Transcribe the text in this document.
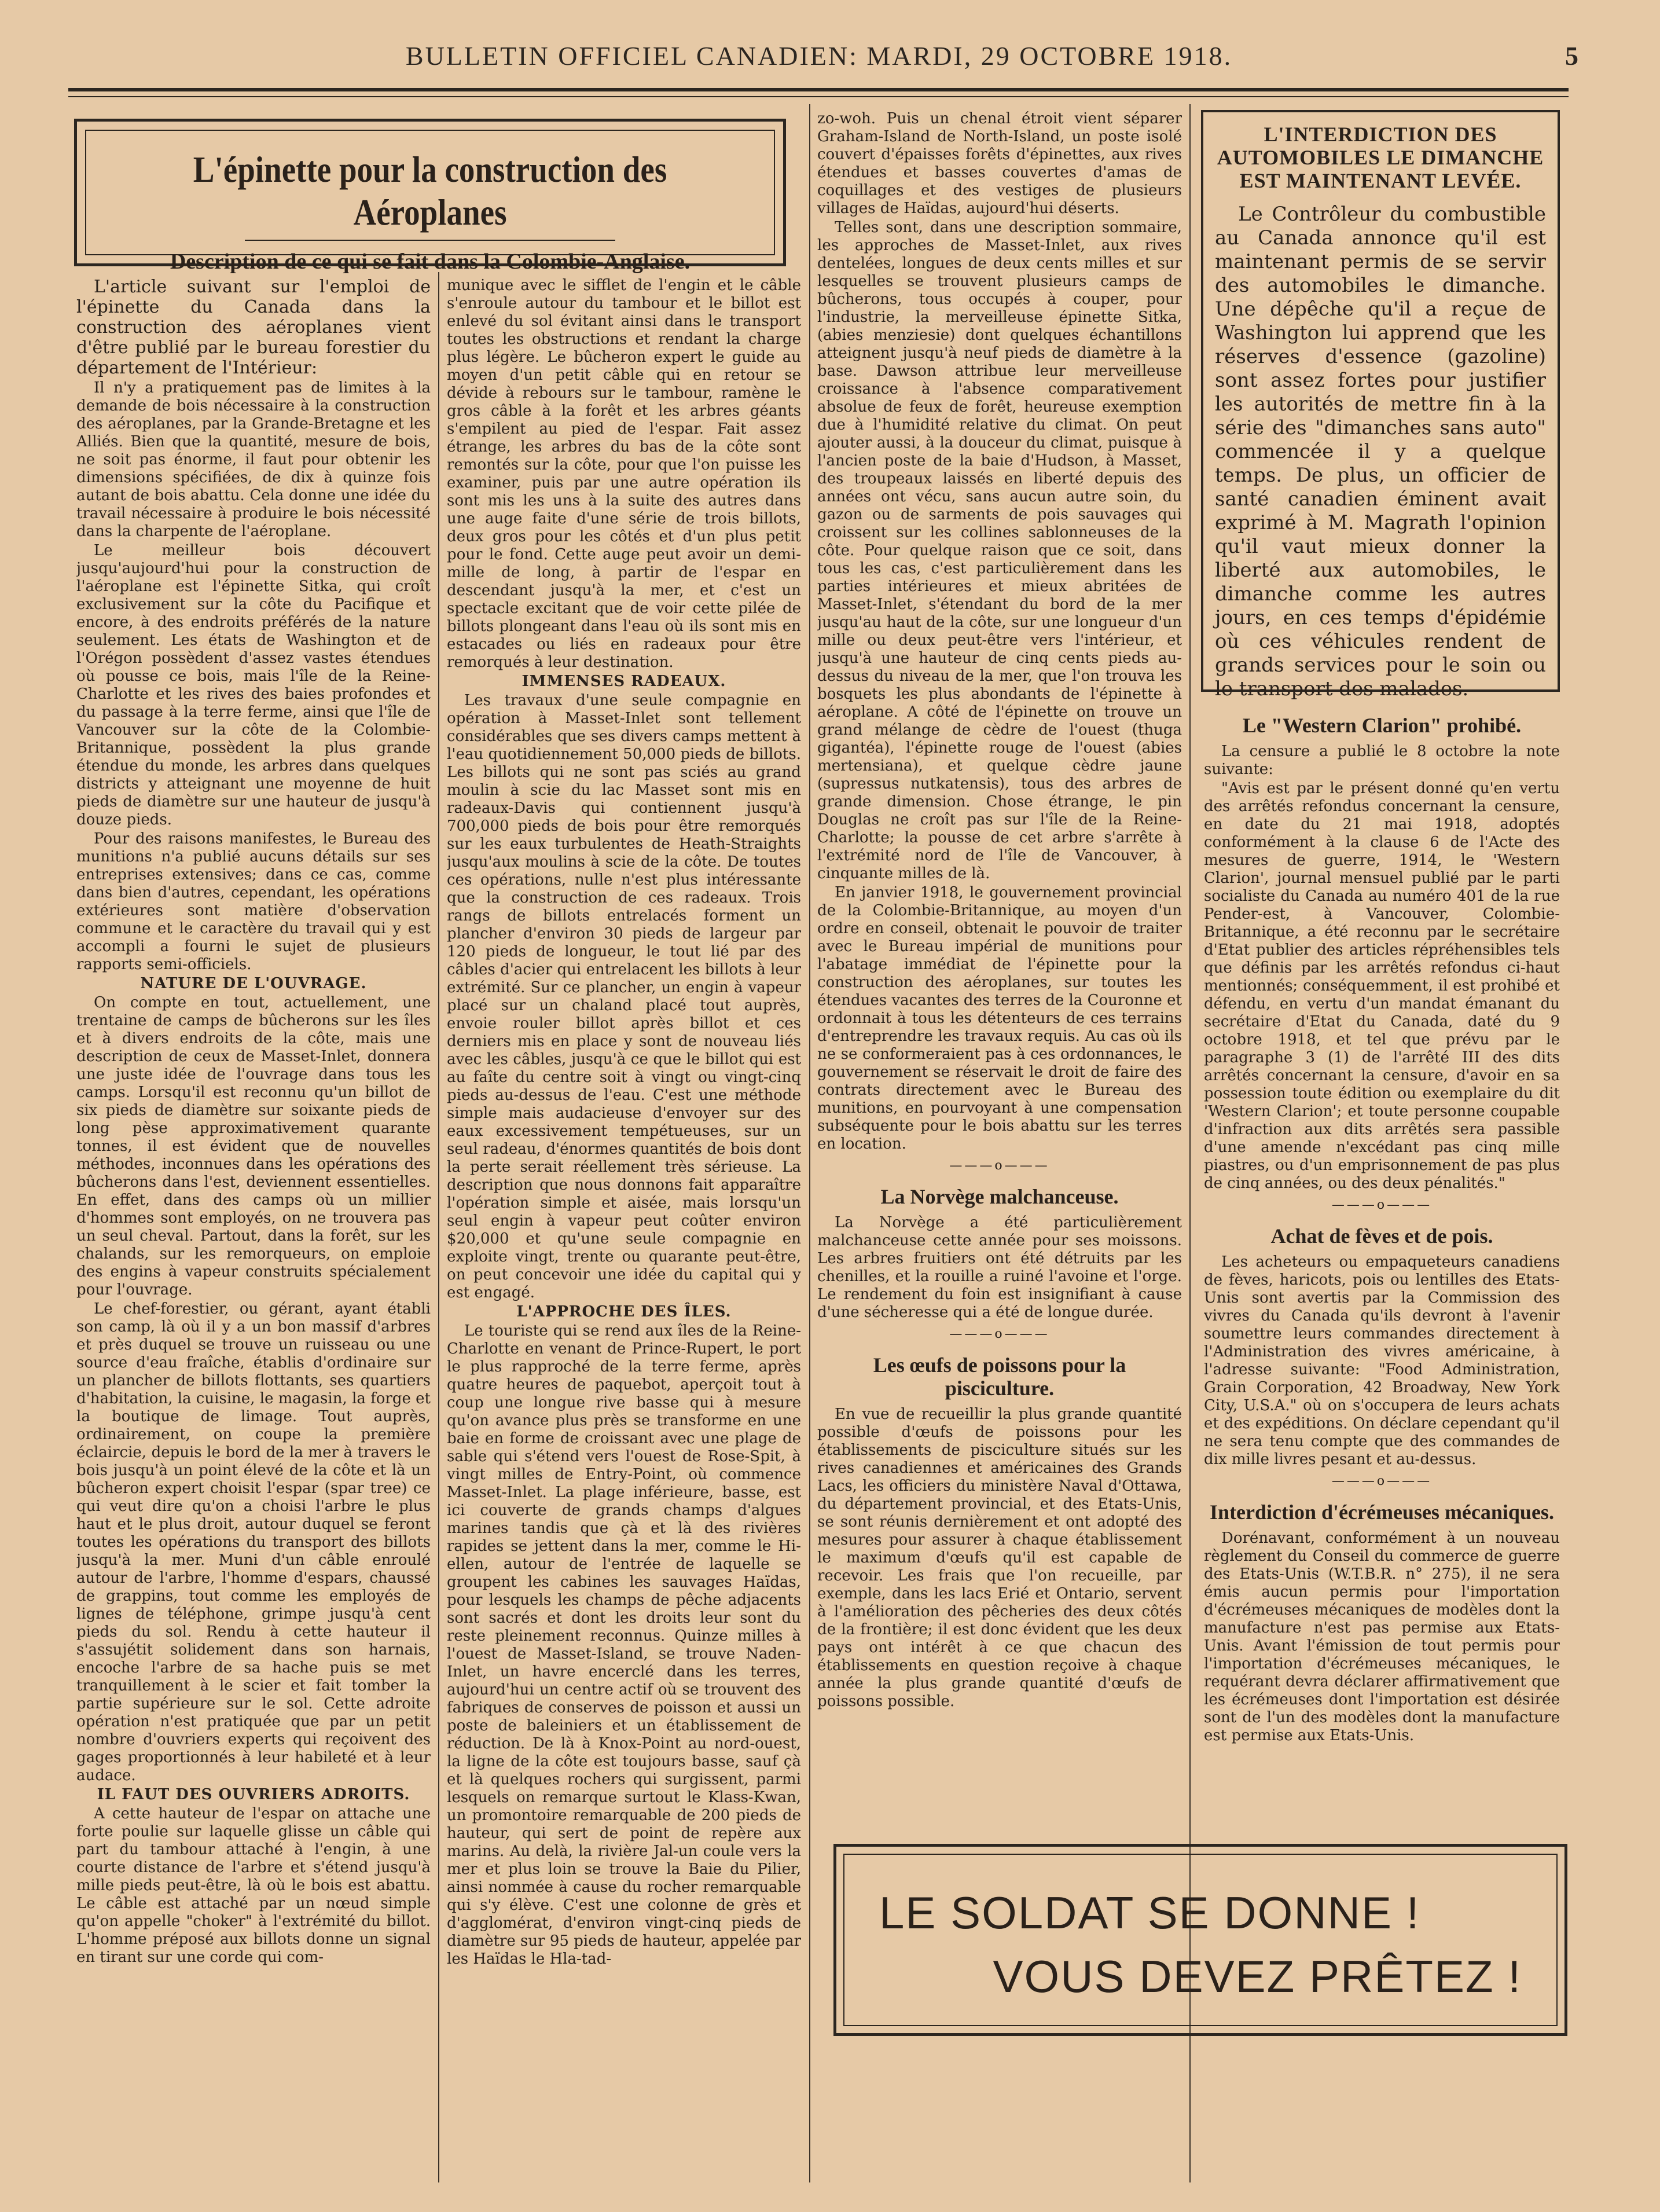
BULLETIN OFFICIEL CANADIEN: MARDI, 29 OCTOBRE 1918.	5
L'épinette pour la construction des Aéroplanes
Description de ce qui se fait dans la Colombie-Anglaise.

L'article suivant sur l'emploi de l'épinette du Canada dans la construction des aéroplanes vient d'être publié par le bureau forestier du département de l'Intérieur:

Il n'y a pratiquement pas de limites à la demande de bois nécessaire à la construction des aéroplanes, par la Grande-Bretagne et les Alliés. Bien que la quantité, mesure de bois, ne soit pas énorme, il faut pour obtenir les dimensions spécifiées, de dix à quinze fois autant de bois abattu. Cela donne une idée du travail nécessaire à produire le bois nécessité dans la charpente de l'aéroplane.

Le meilleur bois découvert jusqu'aujourd'hui pour la construction de l'aéroplane est l'épinette Sitka, qui croît exclusivement sur la côte du Pacifique et encore, à des endroits préférés de la nature seulement. Les états de Washington et de l'Orégon possèdent d'assez vastes étendues où pousse ce bois, mais l'île de la Reine-Charlotte et les rives des baies profondes et du passage à la terre ferme, ainsi que l'île de Vancouver sur la côte de la Colombie-Britannique, possèdent la plus grande étendue du monde, les arbres dans quelques districts y atteignant une moyenne de huit pieds de diamètre sur une hauteur de jusqu'à douze pieds.

Pour des raisons manifestes, le Bureau des munitions n'a publié aucuns détails sur ses entreprises extensives; dans ce cas, comme dans bien d'autres, cependant, les opérations extérieures sont matière d'observation commune et le caractère du travail qui y est accompli a fourni le sujet de plusieurs rapports semi-officiels.

NATURE DE L'OUVRAGE.

On compte en tout, actuellement, une trentaine de camps de bûcherons sur les îles et à divers endroits de la côte, mais une description de ceux de Masset-Inlet, donnera une juste idée de l'ouvrage dans tous les camps. Lorsqu'il est reconnu qu'un billot de six pieds de diamètre sur soixante pieds de long pèse approximativement quarante tonnes, il est évident que de nouvelles méthodes, inconnues dans les opérations des bûcherons dans l'est, deviennent essentielles. En effet, dans des camps où un millier d'hommes sont employés, on ne trouvera pas un seul cheval. Partout, dans la forêt, sur les chalands, sur les remorqueurs, on emploie des engins à vapeur construits spécialement pour l'ouvrage.

Le chef-forestier, ou gérant, ayant établi son camp, là où il y a un bon massif d'arbres et près duquel se trouve un ruisseau ou une source d'eau fraîche, établis d'ordinaire sur un plancher de billots flottants, ses quartiers d'habitation, la cuisine, le magasin, la forge et la boutique de limage. Tout auprès, ordinairement, on coupe la première éclaircie, depuis le bord de la mer à travers le bois jusqu'à un point élevé de la côte et là un bûcheron expert choisit l'espar (spar tree) ce qui veut dire qu'on a choisi l'arbre le plus haut et le plus droit, autour duquel se feront toutes les opérations du transport des billots jusqu'à la mer. Muni d'un câble enroulé autour de l'arbre, l'homme d'espars, chaussé de grappins, tout comme les employés de lignes de téléphone, grimpe jusqu'à cent pieds du sol. Rendu à cette hauteur il s'assujétit solidement dans son harnais, encoche l'arbre de sa hache puis se met tranquillement à le scier et fait tomber la partie supérieure sur le sol. Cette adroite opération n'est pratiquée que par un petit nombre d'ouvriers experts qui reçoivent des gages proportionnés à leur habileté et à leur audace.

IL FAUT DES OUVRIERS ADROITS.

A cette hauteur de l'espar on attache une forte poulie sur laquelle glisse un câble qui part du tambour attaché à l'engin, à une courte distance de l'arbre et s'étend jusqu'à mille pieds peut-être, là où le bois est abattu. Le câble est attaché par un nœud simple qu'on appelle "choker" à l'extrémité du billot. L'homme préposé aux billots donne un signal en tirant sur une corde qui com-

munique avec le sifflet de l'engin et le câble s'enroule autour du tambour et le billot est enlevé du sol évitant ainsi dans le transport toutes les obstructions et rendant la charge plus légère. Le bûcheron expert le guide au moyen d'un petit câble qui en retour se dévide à rebours sur le tambour, ramène le gros câble à la forêt et les arbres géants s'empilent au pied de l'espar. Fait assez étrange, les arbres du bas de la côte sont remontés sur la côte, pour que l'on puisse les examiner, puis par une autre opération ils sont mis les uns à la suite des autres dans une auge faite d'une série de trois billots, deux gros pour les côtés et d'un plus petit pour le fond. Cette auge peut avoir un demi-mille de long, à partir de l'espar en descendant jusqu'à la mer, et c'est un spectacle excitant que de voir cette pilée de billots plongeant dans l'eau où ils sont mis en estacades ou liés en radeaux pour être remorqués à leur destination.

IMMENSES RADEAUX.

Les travaux d'une seule compagnie en opération à Masset-Inlet sont tellement considérables que ses divers camps mettent à l'eau quotidiennement 50,000 pieds de billots. Les billots qui ne sont pas sciés au grand moulin à scie du lac Masset sont mis en radeaux-Davis qui contiennent jusqu'à 700,000 pieds de bois pour être remorqués sur les eaux turbulentes de Heath-Straights jusqu'aux moulins à scie de la côte. De toutes ces opérations, nulle n'est plus intéressante que la construction de ces radeaux. Trois rangs de billots entrelacés forment un plancher d'environ 30 pieds de largeur par 120 pieds de longueur, le tout lié par des câbles d'acier qui entrelacent les billots à leur extrémité. Sur ce plancher, un engin à vapeur placé sur un chaland placé tout auprès, envoie rouler billot après billot et ces derniers mis en place y sont de nouveau liés avec les câbles, jusqu'à ce que le billot qui est au faîte du centre soit à vingt ou vingt-cinq pieds au-dessus de l'eau. C'est une méthode simple mais audacieuse d'envoyer sur des eaux excessivement tempétueuses, sur un seul radeau, d'énormes quantités de bois dont la perte serait réellement très sérieuse. La description que nous donnons fait apparaître l'opération simple et aisée, mais lorsqu'un seul engin à vapeur peut coûter environ $20,000 et qu'une seule compagnie en exploite vingt, trente ou quarante peut-être, on peut concevoir une idée du capital qui y est engagé.

L'APPROCHE DES ÎLES.

Le touriste qui se rend aux îles de la Reine-Charlotte en venant de Prince-Rupert, le port le plus rapproché de la terre ferme, après quatre heures de paquebot, aperçoit tout à coup une longue rive basse qui à mesure qu'on avance plus près se transforme en une baie en forme de croissant avec une plage de sable qui s'étend vers l'ouest de Rose-Spit, à vingt milles de Entry-Point, où commence Masset-Inlet. La plage inférieure, basse, est ici couverte de grands champs d'algues marines tandis que çà et là des rivières rapides se jettent dans la mer, comme le Hi-ellen, autour de l'entrée de laquelle se groupent les cabines les sauvages Haïdas, pour lesquels les champs de pêche adjacents sont sacrés et dont les droits leur sont du reste pleinement reconnus. Quinze milles à l'ouest de Masset-Island, se trouve Naden-Inlet, un havre encerclé dans les terres, aujourd'hui un centre actif où se trouvent des fabriques de conserves de poisson et aussi un poste de baleiniers et un établissement de réduction. De là à Knox-Point au nord-ouest, la ligne de la côte est toujours basse, sauf çà et là quelques rochers qui surgissent, parmi lesquels on remarque surtout le Klass-Kwan, un promontoire remarquable de 200 pieds de hauteur, qui sert de point de repère aux marins. Au delà, la rivière Jal-un coule vers la mer et plus loin se trouve la Baie du Pilier, ainsi nommée à cause du rocher remarquable qui s'y élève. C'est une colonne de grès et d'agglomérat, d'environ vingt-cinq pieds de diamètre sur 95 pieds de hauteur, appelée par les Haïdas le Hla-tad-

zo-woh. Puis un chenal étroit vient séparer Graham-Island de North-Island, un poste isolé couvert d'épaisses forêts d'épinettes, aux rives étendues et basses couvertes d'amas de coquillages et des vestiges de plusieurs villages de Haïdas, aujourd'hui déserts.

Telles sont, dans une description sommaire, les approches de Masset-Inlet, aux rives dentelées, longues de deux cents milles et sur lesquelles se trouvent plusieurs camps de bûcherons, tous occupés à couper, pour l'industrie, la merveilleuse épinette Sitka, (abies menziesie) dont quelques échantillons atteignent jusqu'à neuf pieds de diamètre à la base. Dawson attribue leur merveilleuse croissance à l'absence comparativement absolue de feux de forêt, heureuse exemption due à l'humidité relative du climat. On peut ajouter aussi, à la douceur du climat, puisque à l'ancien poste de la baie d'Hudson, à Masset, des troupeaux laissés en liberté depuis des années ont vécu, sans aucun autre soin, du gazon ou de sarments de pois sauvages qui croissent sur les collines sablonneuses de la côte. Pour quelque raison que ce soit, dans tous les cas, c'est particulièrement dans les parties intérieures et mieux abritées de Masset-Inlet, s'étendant du bord de la mer jusqu'au haut de la côte, sur une longueur d'un mille ou deux peut-être vers l'intérieur, et jusqu'à une hauteur de cinq cents pieds au-dessus du niveau de la mer, que l'on trouva les bosquets les plus abondants de l'épinette à aéroplane. A côté de l'épinette on trouve un grand mélange de cèdre de l'ouest (thuga gigantéa), l'épinette rouge de l'ouest (abies mertensiana), et quelque cèdre jaune (supressus nutkatensis), tous des arbres de grande dimension. Chose étrange, le pin Douglas ne croît pas sur l'île de la Reine-Charlotte; la pousse de cet arbre s'arrête à l'extrémité nord de l'île de Vancouver, à cinquante milles de là.

En janvier 1918, le gouvernement provincial de la Colombie-Britannique, au moyen d'un ordre en conseil, obtenait le pouvoir de traiter avec le Bureau impérial de munitions pour l'abatage immédiat de l'épinette pour la construction des aéroplanes, sur toutes les étendues vacantes des terres de la Couronne et ordonnait à tous les détenteurs de ces terrains d'entreprendre les travaux requis. Au cas où ils ne se conformeraient pas à ces ordonnances, le gouvernement se réservait le droit de faire des contrats directement avec le Bureau des munitions, en pourvoyant à une compensation subséquente pour le bois abattu sur les terres en location.

———o———
La Norvège malchanceuse.

La Norvège a été particulièrement malchanceuse cette année pour ses moissons. Les arbres fruitiers ont été détruits par les chenilles, et la rouille a ruiné l'avoine et l'orge. Le rendement du foin est insignifiant à cause d'une sécheresse qui a été de longue durée.

———o———
Les œufs de poissons pour la pisciculture.

En vue de recueillir la plus grande quantité possible d'œufs de poissons pour les établissements de pisciculture situés sur les rives canadiennes et américaines des Grands Lacs, les officiers du ministère Naval d'Ottawa, du département provincial, et des Etats-Unis, se sont réunis dernièrement et ont adopté des mesures pour assurer à chaque établissement le maximum d'œufs qu'il est capable de recevoir. Les frais que l'on recueille, par exemple, dans les lacs Erié et Ontario, servent à l'amélioration des pêcheries des deux côtés de la frontière; il est donc évident que les deux pays ont intérêt à ce que chacun des établissements en question reçoive à chaque année la plus grande quantité d'œufs de poissons possible.

L'INTERDICTION DES AUTOMOBILES LE DIMANCHE EST MAINTENANT LEVÉE.

Le Contrôleur du combustible au Canada annonce qu'il est maintenant permis de se servir des automobiles le dimanche. Une dépêche qu'il a reçue de Washington lui apprend que les réserves d'essence (gazoline) sont assez fortes pour justifier les autorités de mettre fin à la série des "dimanches sans auto" commencée il y a quelque temps. De plus, un officier de santé canadien éminent avait exprimé à M. Magrath l'opinion qu'il vaut mieux donner la liberté aux automobiles, le dimanche comme les autres jours, en ces temps d'épidémie où ces véhicules rendent de grands services pour le soin ou le transport des malades.

Le "Western Clarion" prohibé.

La censure a publié le 8 octobre la note suivante:

"Avis est par le présent donné qu'en vertu des arrêtés refondus concernant la censure, en date du 21 mai 1918, adoptés conformément à la clause 6 de l'Acte des mesures de guerre, 1914, le 'Western Clarion', journal mensuel publié par le parti socialiste du Canada au numéro 401 de la rue Pender-est, à Vancouver, Colombie-Britannique, a été reconnu par le secrétaire d'Etat publier des articles répréhensibles tels que définis par les arrêtés refondus ci-haut mentionnés; conséquemment, il est prohibé et défendu, en vertu d'un mandat émanant du secrétaire d'Etat du Canada, daté du 9 octobre 1918, et tel que prévu par le paragraphe 3 (1) de l'arrêté III des dits arrêtés concernant la censure, d'avoir en sa possession toute édition ou exemplaire du dit 'Western Clarion'; et toute personne coupable d'infraction aux dits arrêtés sera passible d'une amende n'excédant pas cinq mille piastres, ou d'un emprisonnement de pas plus de cinq années, ou des deux pénalités."

———o———
Achat de fèves et de pois.

Les acheteurs ou empaqueteurs canadiens de fèves, haricots, pois ou lentilles des Etats-Unis sont avertis par la Commission des vivres du Canada qu'ils devront à l'avenir soumettre leurs commandes directement à l'Administration des vivres américaine, à l'adresse suivante: "Food Administration, Grain Corporation, 42 Broadway, New York City, U.S.A." où on s'occupera de leurs achats et des expéditions. On déclare cependant qu'il ne sera tenu compte que des commandes de dix mille livres pesant et au-dessus.

———o———
Interdiction d'écrémeuses mécaniques.

Dorénavant, conformément à un nouveau règlement du Conseil du commerce de guerre des Etats-Unis (W.T.B.R. n° 275), il ne sera émis aucun permis pour l'importation d'écrémeuses mécaniques de modèles dont la manufacture n'est pas permise aux Etats-Unis. Avant l'émission de tout permis pour l'importation d'écrémeuses mécaniques, le requérant devra déclarer affirmativement que les écrémeuses dont l'importation est désirée sont de l'un des modèles dont la manufacture est permise aux Etats-Unis.

LE SOLDAT SE DONNE !
VOUS DEVEZ PRÊTEZ !
